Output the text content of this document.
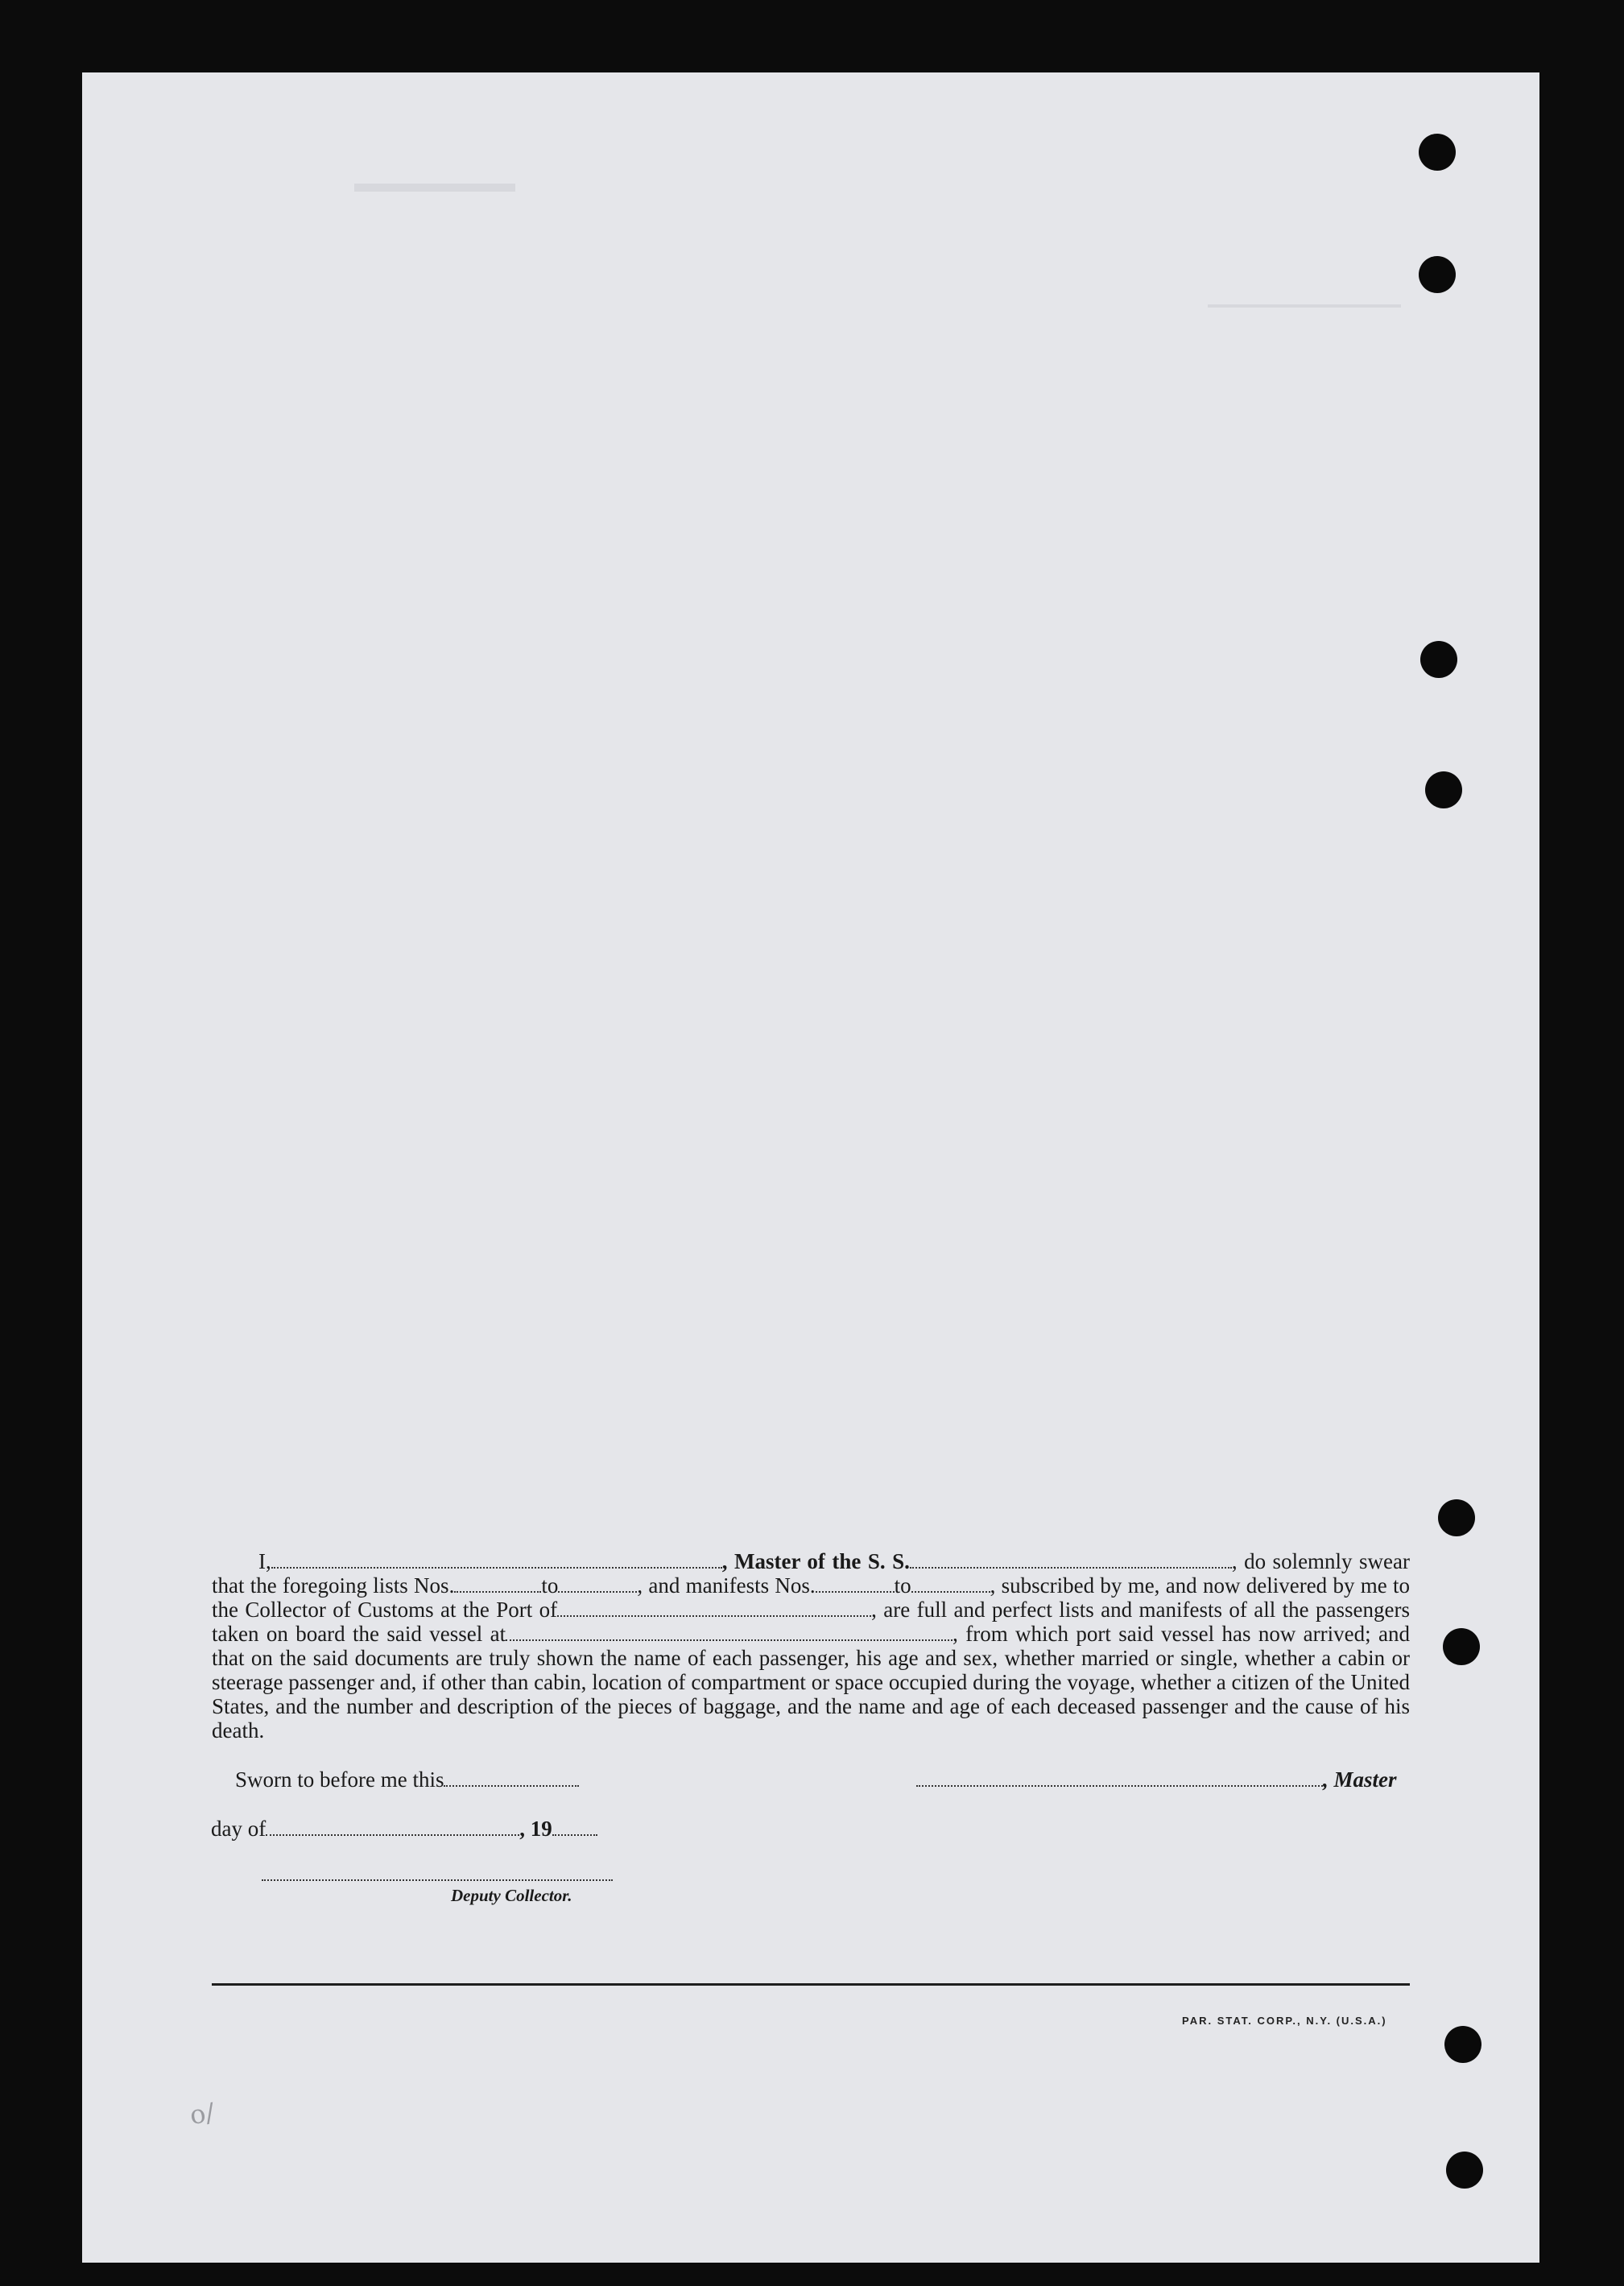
I,	, Master of the S. S.	, do solemnly swear that the foregoing lists Nos.	to	, and manifests Nos.	to	, subscribed by me, and now delivered by me to the Collector of Customs at the Port of	, are full and perfect lists and manifests of all the passengers taken on board the said vessel at	, from which port said vessel has now arrived; and that on the said documents are truly shown the name of each passenger, his age and sex, whether married or single, whether a cabin or steerage passenger and, if other than cabin, location of compartment or space occupied during the voyage, whether a citizen of the United States, and the number and description of the pieces of baggage, and the name and age of each deceased passenger and the cause of his death.

Sworn to before me this	, Master
day of	, 19
Deputy Collector.
PAR. STAT. CORP., N.Y. (U.S.A.)
o/
